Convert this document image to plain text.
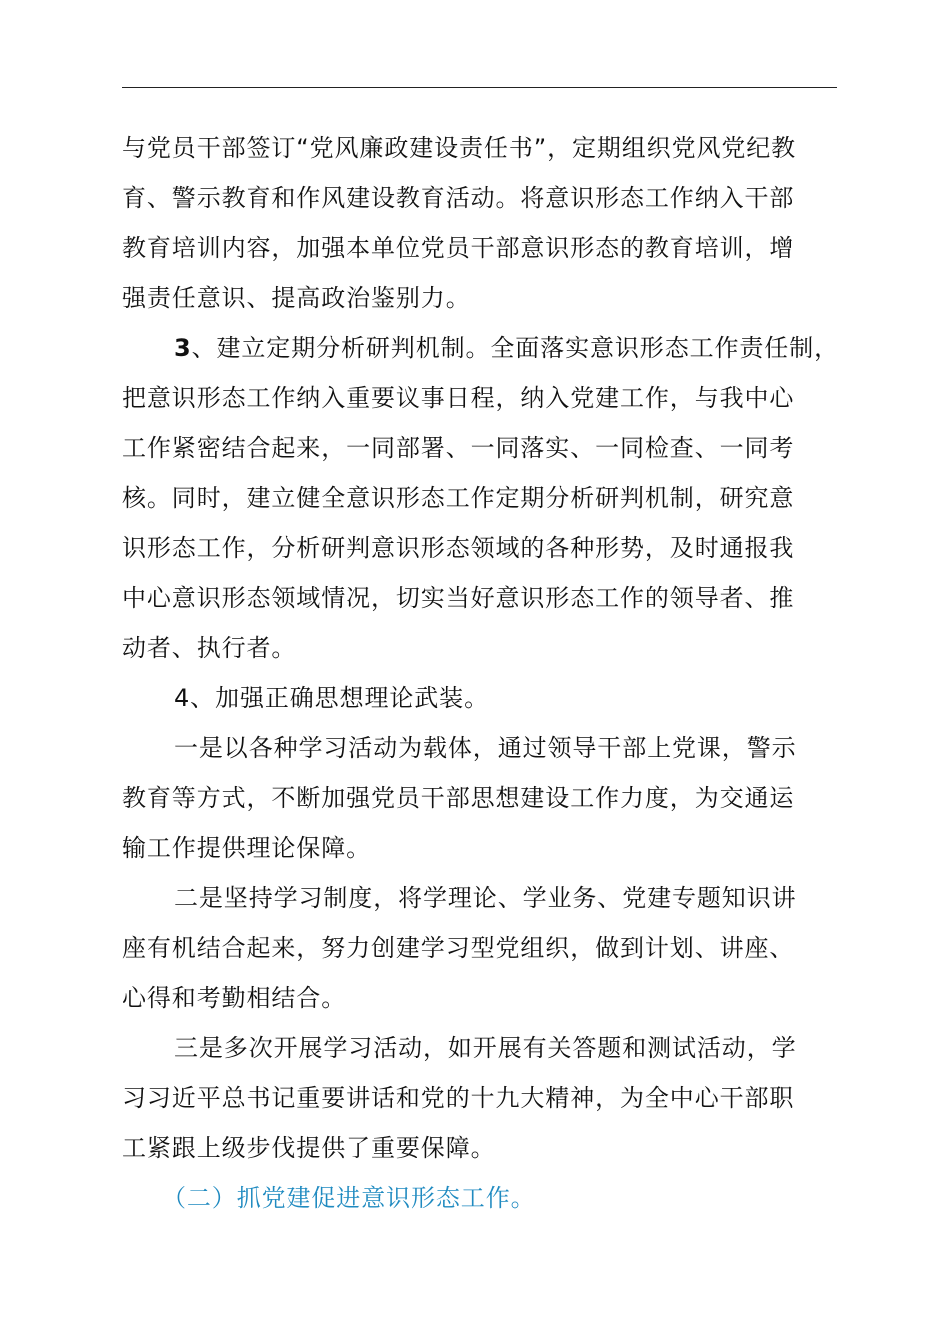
与党员干部签订“党风廉政建设责任书”，定期组织党风党纪教
育、警示教育和作风建设教育活动。将意识形态工作纳入干部
教育培训内容，加强本单位党员干部意识形态的教育培训，增
强责任意识、提高政治鉴别力。
3、建立定期分析研判机制。全面落实意识形态工作责任制，
把意识形态工作纳入重要议事日程，纳入党建工作，与我中心
工作紧密结合起来，一同部署、一同落实、一同检查、一同考
核。同时，建立健全意识形态工作定期分析研判机制，研究意
识形态工作，分析研判意识形态领域的各种形势，及时通报我
中心意识形态领域情况，切实当好意识形态工作的领导者、推
动者、执行者。
4、加强正确思想理论武装。
一是以各种学习活动为载体，通过领导干部上党课，警示
教育等方式，不断加强党员干部思想建设工作力度，为交通运
输工作提供理论保障。
二是坚持学习制度，将学理论、学业务、党建专题知识讲
座有机结合起来，努力创建学习型党组织，做到计划、讲座、
心得和考勤相结合。
三是多次开展学习活动，如开展有关答题和测试活动，学
习习近平总书记重要讲话和党的十九大精神，为全中心干部职
工紧跟上级步伐提供了重要保障。
（二）抓党建促进意识形态工作。
